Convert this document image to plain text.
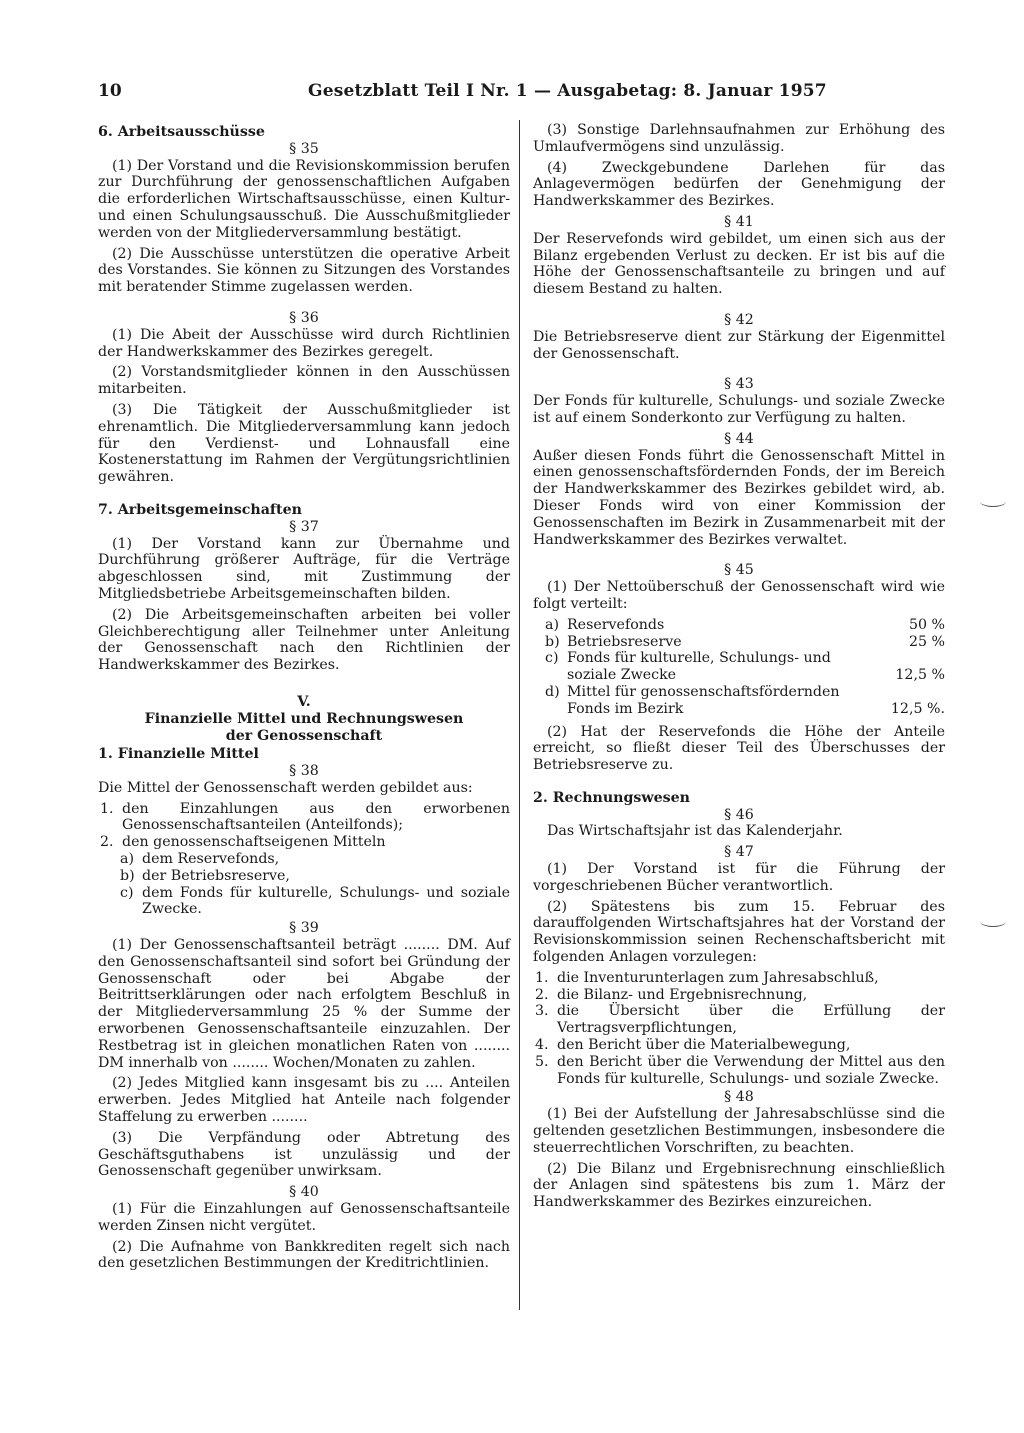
10	Gesetzblatt Teil I Nr. 1 — Ausgabetag: 8. Januar 1957

6. Arbeitsausschüsse

§ 35

(1) Der Vorstand und die Revisionskommission berufen zur Durchführung der genossenschaftlichen Aufgaben die erforderlichen Wirtschaftsausschüsse, einen Kultur- und einen Schulungsausschuß. Die Ausschußmitglieder werden von der Mitgliederversammlung bestätigt.

(2) Die Ausschüsse unterstützen die operative Arbeit des Vorstandes. Sie können zu Sitzungen des Vorstandes mit beratender Stimme zugelassen werden.

§ 36

(1) Die Abeit der Ausschüsse wird durch Richtlinien der Handwerkskammer des Bezirkes geregelt.

(2) Vorstandsmitglieder können in den Ausschüssen mitarbeiten.

(3) Die Tätigkeit der Ausschußmitglieder ist ehrenamtlich. Die Mitgliederversammlung kann jedoch für den Verdienst- und Lohnausfall eine Kostenerstattung im Rahmen der Vergütungsrichtlinien gewähren.

7. Arbeitsgemeinschaften

§ 37

(1) Der Vorstand kann zur Übernahme und Durchführung größerer Aufträge, für die Verträge abgeschlossen sind, mit Zustimmung der Mitgliedsbetriebe Arbeitsgemeinschaften bilden.

(2) Die Arbeitsgemeinschaften arbeiten bei voller Gleichberechtigung aller Teilnehmer unter Anleitung der Genossenschaft nach den Richtlinien der Handwerkskammer des Bezirkes.

V.

Finanzielle Mittel und Rechnungswesen

der Genossenschaft

1. Finanzielle Mittel

§ 38

Die Mittel der Genossenschaft werden gebildet aus:

1. den Einzahlungen aus den erworbenen Genossenschaftsanteilen (Anteilfonds);
2. den genossenschaftseigenen Mitteln
a) dem Reservefonds,
b) der Betriebsreserve,
c) dem Fonds für kulturelle, Schulungs- und soziale Zwecke.

§ 39

(1) Der Genossenschaftsanteil beträgt ........ DM. Auf den Genossenschaftsanteil sind sofort bei Gründung der Genossenschaft oder bei Abgabe der Beitrittserklärungen oder nach erfolgtem Beschluß in der Mitgliederversammlung 25 % der Summe der erworbenen Genossenschaftsanteile einzuzahlen. Der Restbetrag ist in gleichen monatlichen Raten von ........ DM innerhalb von ........ Wochen/Monaten zu zahlen.

(2) Jedes Mitglied kann insgesamt bis zu .... Anteilen erwerben. Jedes Mitglied hat Anteile nach folgender Staffelung zu erwerben ........

(3) Die Verpfändung oder Abtretung des Geschäftsguthabens ist unzulässig und der Genossenschaft gegenüber unwirksam.

§ 40

(1) Für die Einzahlungen auf Genossenschaftsanteile werden Zinsen nicht vergütet.

(2) Die Aufnahme von Bankkrediten regelt sich nach den gesetzlichen Bestimmungen der Kreditrichtlinien.

(3) Sonstige Darlehnsaufnahmen zur Erhöhung des Umlaufvermögens sind unzulässig.

(4) Zweckgebundene Darlehen für das Anlagevermögen bedürfen der Genehmigung der Handwerkskammer des Bezirkes.

§ 41

Der Reservefonds wird gebildet, um einen sich aus der Bilanz ergebenden Verlust zu decken. Er ist bis auf die Höhe der Genossenschaftsanteile zu bringen und auf diesem Bestand zu halten.

§ 42

Die Betriebsreserve dient zur Stärkung der Eigenmittel der Genossenschaft.

§ 43

Der Fonds für kulturelle, Schulungs- und soziale Zwecke ist auf einem Sonderkonto zur Verfügung zu halten.

§ 44

Außer diesen Fonds führt die Genossenschaft Mittel in einen genossenschaftsfördernden Fonds, der im Bereich der Handwerkskammer des Bezirkes gebildet wird, ab. Dieser Fonds wird von einer Kommission der Genossenschaften im Bezirk in Zusammenarbeit mit der Handwerkskammer des Bezirkes verwaltet.

§ 45

(1) Der Nettoüberschuß der Genossenschaft wird wie folgt verteilt:

a) Reservefonds	50 %
b) Betriebsreserve	25 %
c) Fonds für kulturelle, Schulungs- und soziale Zwecke	12,5 %
d) Mittel für genossenschaftsfördernden Fonds im Bezirk	12,5 %.

(2) Hat der Reservefonds die Höhe der Anteile erreicht, so fließt dieser Teil des Überschusses der Betriebsreserve zu.

2. Rechnungswesen

§ 46

Das Wirtschaftsjahr ist das Kalenderjahr.

§ 47

(1) Der Vorstand ist für die Führung der vorgeschriebenen Bücher verantwortlich.

(2) Spätestens bis zum 15. Februar des darauffolgenden Wirtschaftsjahres hat der Vorstand der Revisionskommission seinen Rechenschaftsbericht mit folgenden Anlagen vorzulegen:

1. die Inventurunterlagen zum Jahresabschluß,
2. die Bilanz- und Ergebnisrechnung,
3. die Übersicht über die Erfüllung der Vertragsverpflichtungen,
4. den Bericht über die Materialbewegung,
5. den Bericht über die Verwendung der Mittel aus den Fonds für kulturelle, Schulungs- und soziale Zwecke.

§ 48

(1) Bei der Aufstellung der Jahresabschlüsse sind die geltenden gesetzlichen Bestimmungen, insbesondere die steuerrechtlichen Vorschriften, zu beachten.

(2) Die Bilanz und Ergebnisrechnung einschließlich der Anlagen sind spätestens bis zum 1. März der Handwerkskammer des Bezirkes einzureichen.
